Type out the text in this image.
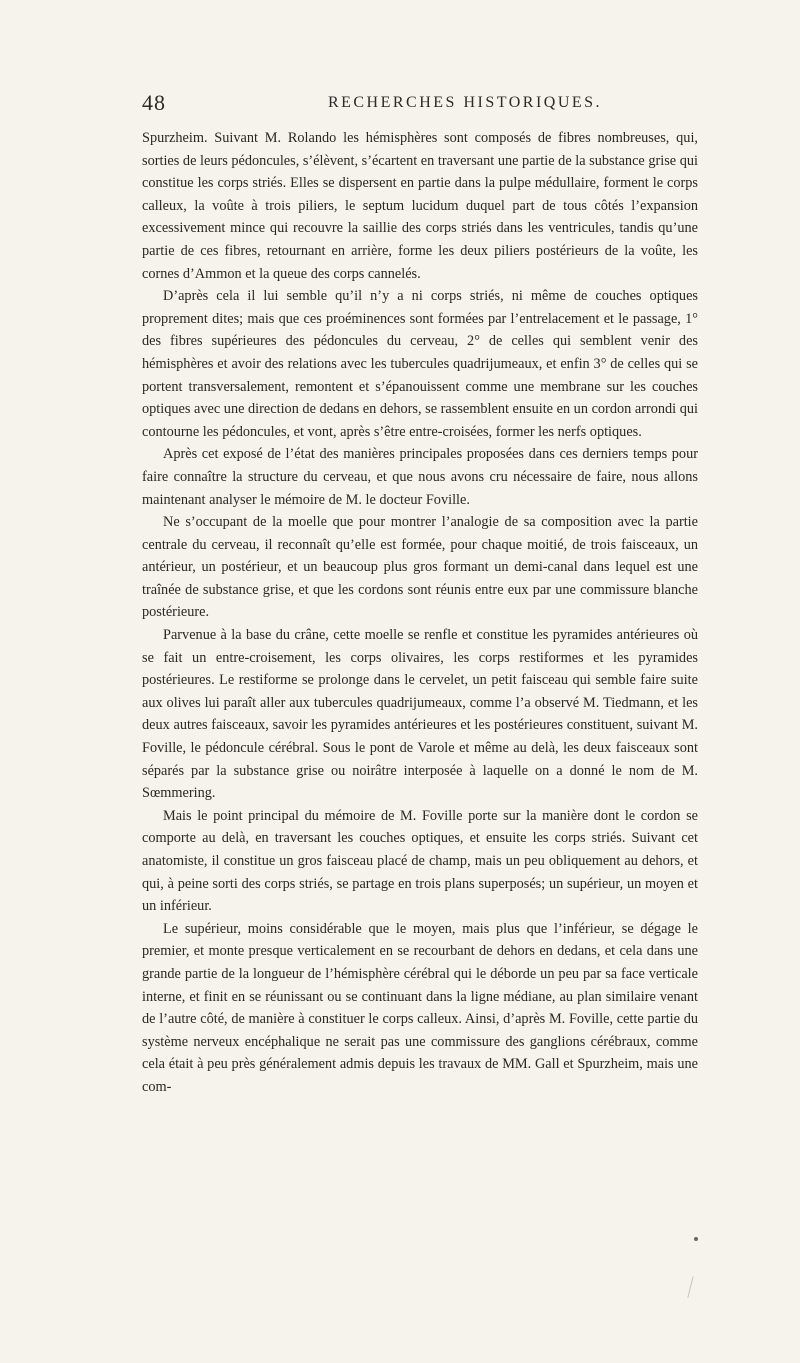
48	RECHERCHES HISTORIQUES.

Spurzheim. Suivant M. Rolando les hémisphères sont composés de fibres nombreuses, qui, sorties de leurs pédoncules, s’élèvent, s’écartent en traversant une partie de la substance grise qui constitue les corps striés. Elles se dispersent en partie dans la pulpe médullaire, forment le corps calleux, la voûte à trois piliers, le septum lucidum duquel part de tous côtés l’expansion excessivement mince qui recouvre la saillie des corps striés dans les ventricules, tandis qu’une partie de ces fibres, retournant en arrière, forme les deux piliers postérieurs de la voûte, les cornes d’Ammon et la queue des corps cannelés.

D’après cela il lui semble qu’il n’y a ni corps striés, ni même de couches optiques proprement dites; mais que ces proéminences sont formées par l’entrelacement et le passage, 1° des fibres supérieures des pédoncules du cerveau, 2° de celles qui semblent venir des hémisphères et avoir des relations avec les tubercules quadrijumeaux, et enfin 3° de celles qui se portent transversalement, remontent et s’épanouissent comme une membrane sur les couches optiques avec une direction de dedans en dehors, se rassemblent ensuite en un cordon arrondi qui contourne les pédoncules, et vont, après s’être entre-croisées, former les nerfs optiques.

Après cet exposé de l’état des manières principales proposées dans ces derniers temps pour faire connaître la structure du cerveau, et que nous avons cru nécessaire de faire, nous allons maintenant analyser le mémoire de M. le docteur Foville.

Ne s’occupant de la moelle que pour montrer l’analogie de sa composition avec la partie centrale du cerveau, il reconnaît qu’elle est formée, pour chaque moitié, de trois faisceaux, un antérieur, un postérieur, et un beaucoup plus gros formant un demi-canal dans lequel est une traînée de substance grise, et que les cordons sont réunis entre eux par une commissure blanche postérieure.

Parvenue à la base du crâne, cette moelle se renfle et constitue les pyramides antérieures où se fait un entre-croisement, les corps olivaires, les corps restiformes et les pyramides postérieures. Le restiforme se prolonge dans le cervelet, un petit faisceau qui semble faire suite aux olives lui paraît aller aux tubercules quadrijumeaux, comme l’a observé M. Tiedmann, et les deux autres faisceaux, savoir les pyramides antérieures et les postérieures constituent, suivant M. Foville, le pédoncule cérébral. Sous le pont de Varole et même au delà, les deux faisceaux sont séparés par la substance grise ou noirâtre interposée à laquelle on a donné le nom de M. Sœmmering.

Mais le point principal du mémoire de M. Foville porte sur la manière dont le cordon se comporte au delà, en traversant les couches optiques, et ensuite les corps striés. Suivant cet anatomiste, il constitue un gros faisceau placé de champ, mais un peu obliquement au dehors, et qui, à peine sorti des corps striés, se partage en trois plans superposés; un supérieur, un moyen et un inférieur.

Le supérieur, moins considérable que le moyen, mais plus que l’inférieur, se dégage le premier, et monte presque verticalement en se recourbant de dehors en dedans, et cela dans une grande partie de la longueur de l’hémisphère cérébral qui le déborde un peu par sa face verticale interne, et finit en se réunissant ou se continuant dans la ligne médiane, au plan similaire venant de l’autre côté, de manière à constituer le corps calleux. Ainsi, d’après M. Foville, cette partie du système nerveux encéphalique ne serait pas une commissure des ganglions cérébraux, comme cela était à peu près généralement admis depuis les travaux de MM. Gall et Spurzheim, mais une com-
